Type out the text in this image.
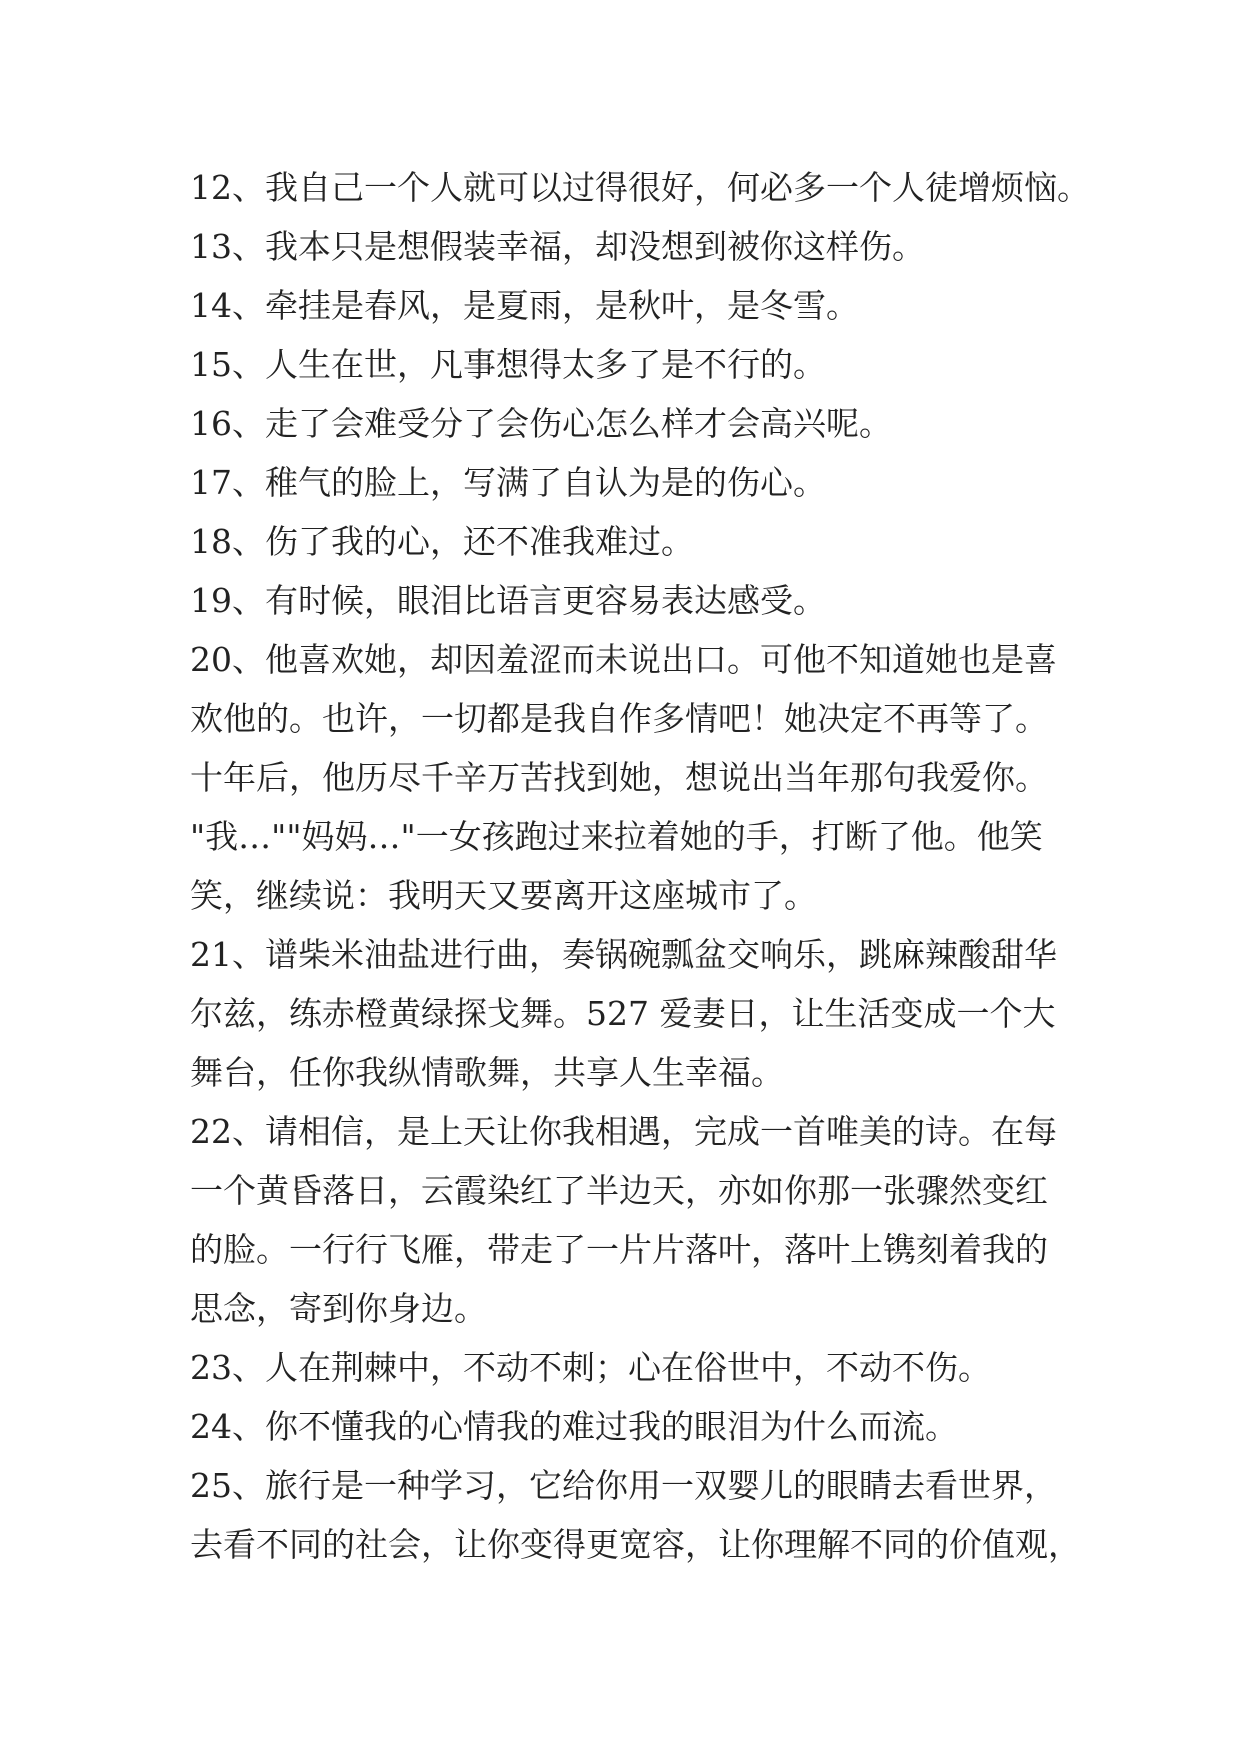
12、我自己一个人就可以过得很好，何必多一个人徒增烦恼。
13、我本只是想假装幸福，却没想到被你这样伤。
14、牵挂是春风，是夏雨，是秋叶，是冬雪。
15、人生在世，凡事想得太多了是不行的。
16、走了会难受分了会伤心怎么样才会高兴呢。
17、稚气的脸上，写满了自认为是的伤心。
18、伤了我的心，还不准我难过。
19、有时候，眼泪比语言更容易表达感受。
20、他喜欢她，却因羞涩而未说出口。可他不知道她也是喜
欢他的。也许，一切都是我自作多情吧！她决定不再等了。
十年后，他历尽千辛万苦找到她，想说出当年那句我爱你。
"我…""妈妈…"一女孩跑过来拉着她的手，打断了他。他笑
笑，继续说：我明天又要离开这座城市了。
21、谱柴米油盐进行曲，奏锅碗瓢盆交响乐，跳麻辣酸甜华
尔兹，练赤橙黄绿探戈舞。527 爱妻日，让生活变成一个大
舞台，任你我纵情歌舞，共享人生幸福。
22、请相信，是上天让你我相遇，完成一首唯美的诗。在每
一个黄昏落日，云霞染红了半边天，亦如你那一张骤然变红
的脸。一行行飞雁，带走了一片片落叶，落叶上镌刻着我的
思念，寄到你身边。
23、人在荆棘中，不动不刺；心在俗世中，不动不伤。
24、你不懂我的心情我的难过我的眼泪为什么而流。
25、旅行是一种学习，它给你用一双婴儿的眼睛去看世界，
去看不同的社会，让你变得更宽容，让你理解不同的价值观，
